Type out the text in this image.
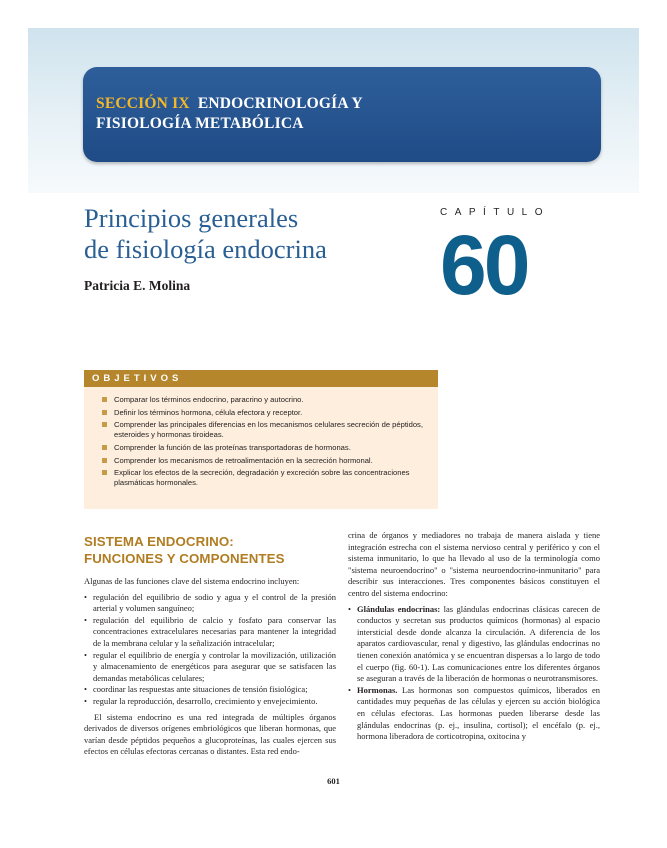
SECCIÓN IX ENDOCRINOLOGÍA Y
FISIOLOGÍA METABÓLICA
Principios generales
de fisiología endocrina
Patricia E. Molina
CAPÍTULO
60
OBJETIVOS
Comparar los términos endocrino, paracrino y autocrino.
Definir los términos hormona, célula efectora y receptor.
Comprender las principales diferencias en los mecanismos celulares secreción de péptidos, esteroides y hormonas tiroideas.
Comprender la función de las proteínas transportadoras de hormonas.
Comprender los mecanismos de retroalimentación en la secreción hormonal.
Explicar los efectos de la secreción, degradación y excreción sobre las concentraciones plasmáticas hormonales.
SISTEMA ENDOCRINO:
FUNCIONES Y COMPONENTES

Algunas de las funciones clave del sistema endocrino incluyen:

• regulación del equilibrio de sodio y agua y el control de la presión arterial y volumen sanguíneo;
• regulación del equilibrio de calcio y fosfato para conservar las concentraciones extracelulares necesarias para mantener la integridad de la membrana celular y la señalización intracelular;
• regular el equilibrio de energía y controlar la movilización, utilización y almacenamiento de energéticos para asegurar que se satisfacen las demandas metabólicas celulares;
• coordinar las respuestas ante situaciones de tensión fisiológica;
• regular la reproducción, desarrollo, crecimiento y envejecimiento.

El sistema endocrino es una red integrada de múltiples órganos derivados de diversos orígenes embriológicos que liberan hormonas, que varían desde péptidos pequeños a glucoproteínas, las cuales ejercen sus efectos en células efectoras cercanas o distantes. Esta red endo-

crina de órganos y mediadores no trabaja de manera aislada y tiene integración estrecha con el sistema nervioso central y periférico y con el sistema inmunitario, lo que ha llevado al uso de la terminología como "sistema neuroendocrino" o "sistema neuroendocrino-inmunitario" para describir sus interacciones. Tres componentes básicos constituyen el centro del sistema endocrino:

• Glándulas endocrinas: las glándulas endocrinas clásicas carecen de conductos y secretan sus productos químicos (hormonas) al espacio intersticial desde donde alcanza la circulación. A diferencia de los aparatos cardiovascular, renal y digestivo, las glándulas endocrinas no tienen conexión anatómica y se encuentran dispersas a lo largo de todo el cuerpo (fig. 60-1). Las comunicaciones entre los diferentes órganos se aseguran a través de la liberación de hormonas o neurotransmisores.
• Hormonas. Las hormonas son compuestos químicos, liberados en cantidades muy pequeñas de las células y ejercen su acción biológica en células efectoras. Las hormonas pueden liberarse desde las glándulas endocrinas (p. ej., insulina, cortisol); el encéfalo (p. ej., hormona liberadora de corticotropina, oxitocina y
601
